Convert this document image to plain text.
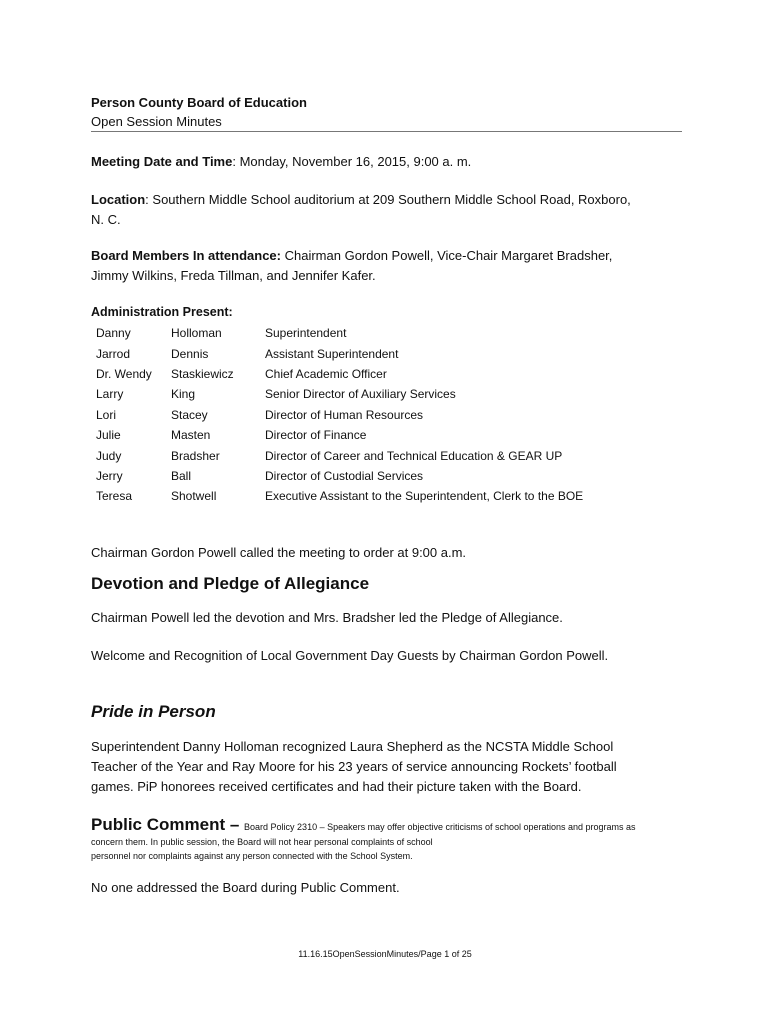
Person County Board of Education
Open Session Minutes
Meeting Date and Time: Monday, November 16, 2015, 9:00 a. m.
Location: Southern Middle School auditorium at 209 Southern Middle School Road, Roxboro,
N. C.
Board Members In attendance: Chairman Gordon Powell, Vice-Chair Margaret Bradsher,
Jimmy Wilkins, Freda Tillman, and Jennifer Kafer.
Administration Present:
Danny	Holloman	Superintendent
Jarrod	Dennis	Assistant Superintendent
Dr. Wendy	Staskiewicz	Chief Academic Officer
Larry	King	Senior Director of Auxiliary Services
Lori	Stacey	Director of Human Resources
Julie	Masten	Director of Finance
Judy	Bradsher	Director of Career and Technical Education & GEAR UP
Jerry	Ball	Director of Custodial Services
Teresa	Shotwell	Executive Assistant to the Superintendent, Clerk to the BOE
Chairman Gordon Powell called the meeting to order at 9:00 a.m.
Devotion and Pledge of Allegiance
Chairman Powell led the devotion and Mrs. Bradsher led the Pledge of Allegiance.
Welcome and Recognition of Local Government Day Guests by Chairman Gordon Powell.
Pride in Person
Superintendent Danny Holloman recognized Laura Shepherd as the NCSTA Middle School
Teacher of the Year and Ray Moore for his 23 years of service announcing Rockets’ football
games. PiP honorees received certificates and had their picture taken with the Board.
Public Comment – Board Policy 2310 – Speakers may offer objective criticisms of school operations and programs as
concern them. In public session, the Board will not hear personal complaints of school
personnel nor complaints against any person connected with the School System.
No one addressed the Board during Public Comment.
11.16.15OpenSessionMinutes/Page 1 of 25
